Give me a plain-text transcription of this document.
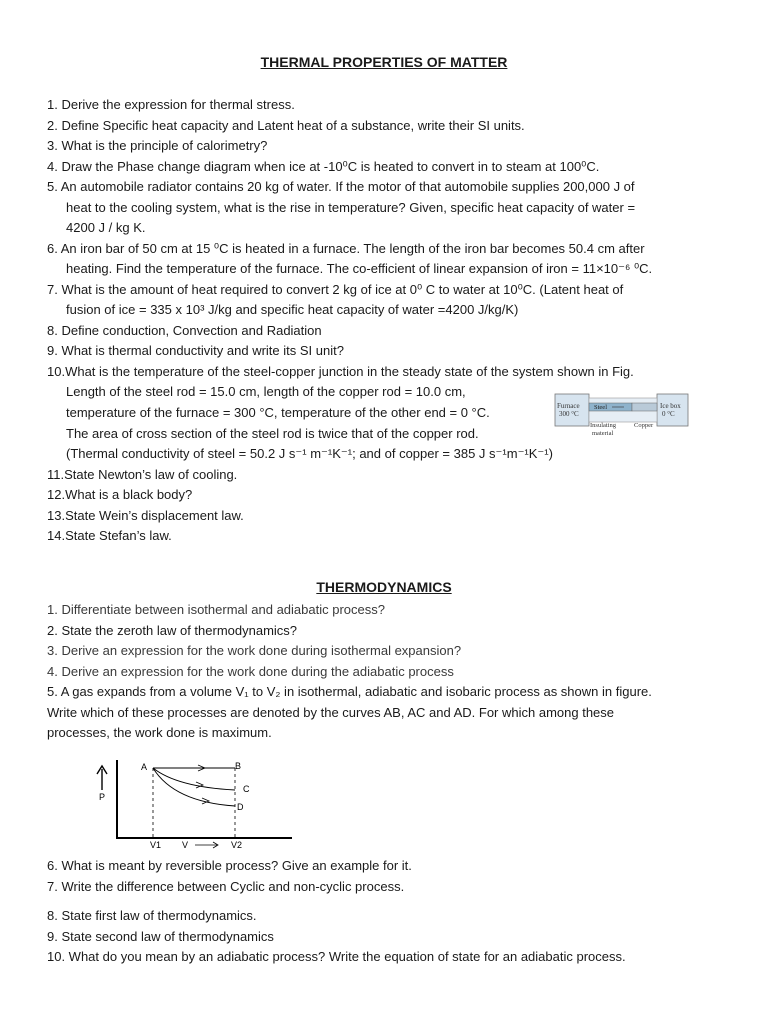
THERMAL PROPERTIES OF MATTER
1. Derive the expression for thermal stress.
2. Define Specific heat capacity and Latent heat of a substance, write their SI units.
3. What is the principle of calorimetry?
4. Draw the Phase change diagram when ice at -10⁰C is heated to convert in to steam at 100⁰C.
5. An automobile radiator contains 20 kg of water. If the motor of that automobile supplies 200,000 J of
heat to the cooling system, what is the rise in temperature? Given, specific heat capacity of water =
4200 J / kg K.
6. An iron bar of 50 cm at 15 ⁰C is heated in a furnace. The length of the iron bar becomes 50.4 cm after
heating. Find the temperature of the furnace. The co-efficient of linear expansion of iron = 11×10⁻⁶ ⁰C.
7. What is the amount of heat required to convert 2 kg of ice at 0⁰ C to water at 10⁰C. (Latent heat of
fusion of ice = 335 x 10³ J/kg and specific heat capacity of water =4200 J/kg/K)
8. Define conduction, Convection and Radiation
9. What is thermal conductivity and write its SI unit?
10.What is the temperature of the steel-copper junction in the steady state of the system shown in Fig.
Length of the steel rod = 15.0 cm, length of the copper rod = 10.0 cm,
temperature of the furnace = 300 °C, temperature of the other end = 0 °C.
The area of cross section of the steel rod is twice that of the copper rod.
(Thermal conductivity of steel = 50.2 J s⁻¹ m⁻¹K⁻¹; and of copper = 385 J s⁻¹m⁻¹K⁻¹)
11.State Newton’s law of cooling.
12.What is a black body?
13.State Wein’s displacement law.
14.State Stefan’s law.
Furnace
300 °C
Steel	Ice box
0 °C
Insulating
material
Copper
THERMODYNAMICS
1. Differentiate between isothermal and adiabatic process?
2. State the zeroth law of thermodynamics?
3. Derive an expression for the work done during isothermal expansion?
4. Derive an expression for the work done during the adiabatic process
5. A gas expands from a volume V₁ to V₂ in isothermal, adiabatic and isobaric process as shown in figure.
Write which of these processes are denoted by the curves AB, AC and AD. For which among these
processes, the work done is maximum.
P
A	B
C
D
V1 V	V2
6. What is meant by reversible process? Give an example for it.
7. Write the difference between Cyclic and non-cyclic process.
8. State first law of thermodynamics.
9. State second law of thermodynamics
10. What do you mean by an adiabatic process? Write the equation of state for an adiabatic process.
